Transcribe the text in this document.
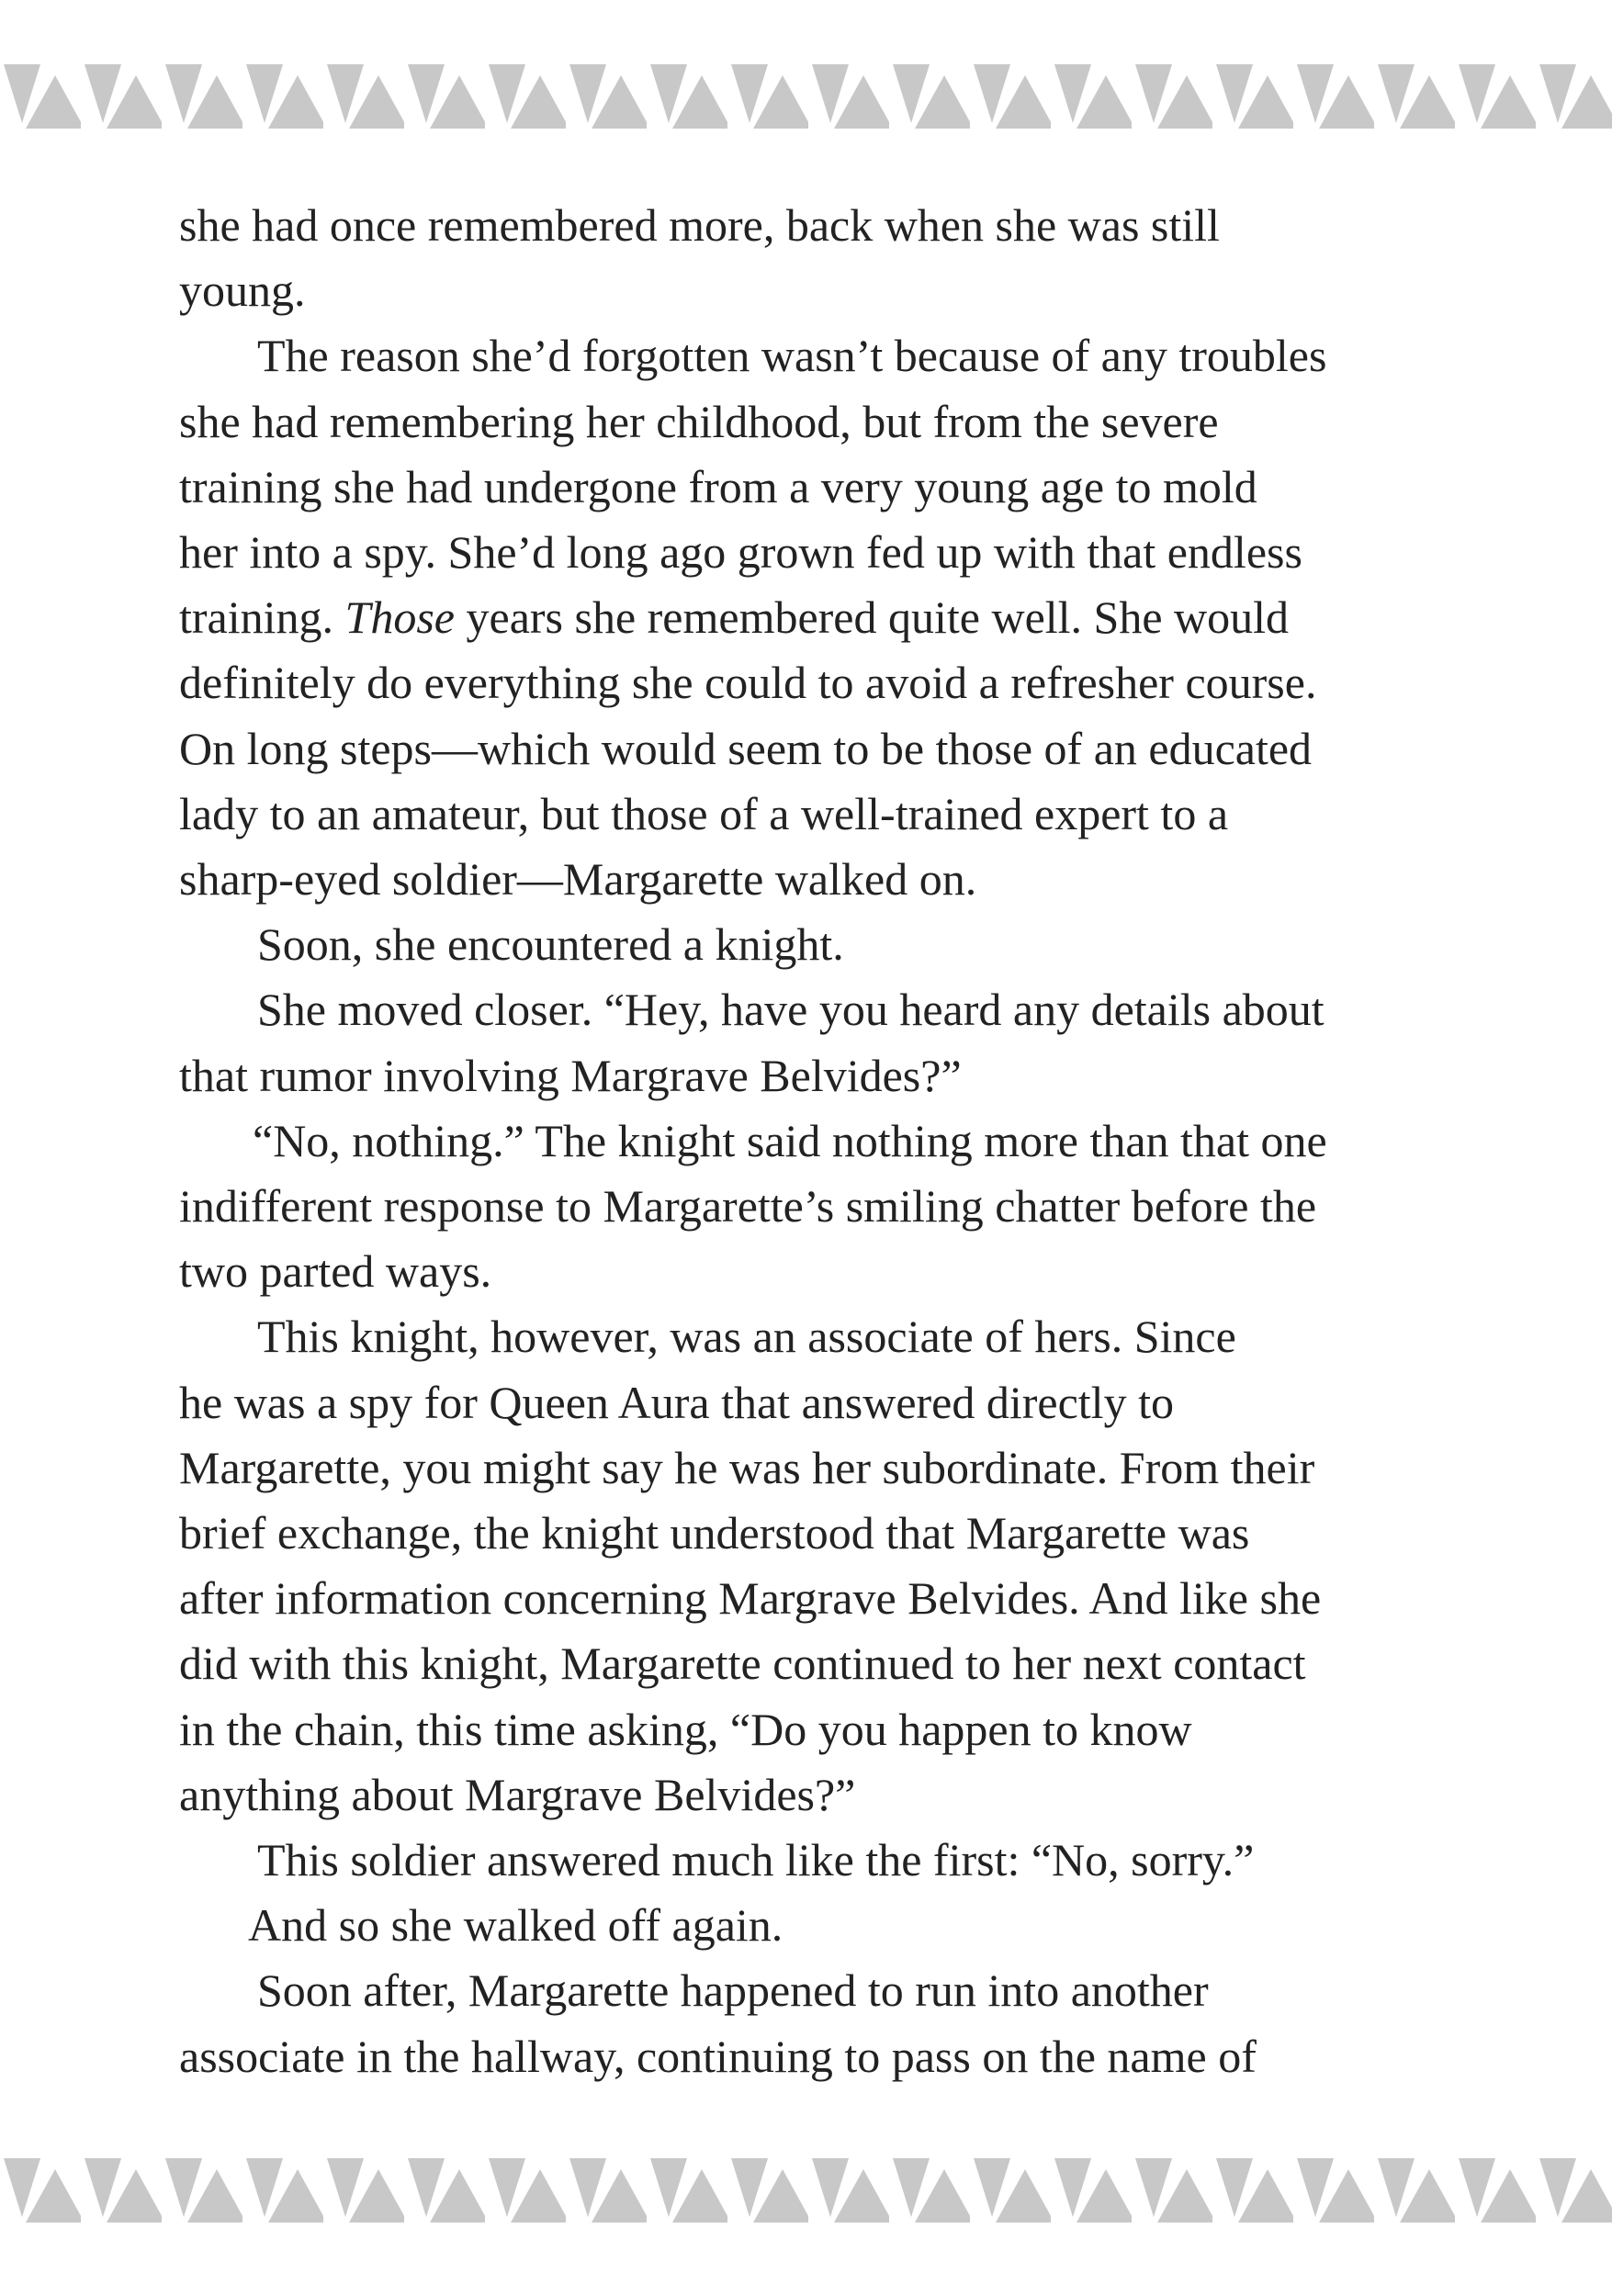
she had once remembered more, back when she was still

young.

The reason she’d forgotten wasn’t because of any troubles

she had remembering her childhood, but from the severe

training she had undergone from a very young age to mold

her into a spy. She’d long ago grown fed up with that endless

training. Those years she remembered quite well. She would

definitely do everything she could to avoid a refresher course.

On long steps—which would seem to be those of an educated

lady to an amateur, but those of a well-trained expert to a

sharp-eyed soldier—Margarette walked on.

Soon, she encountered a knight.

She moved closer. “Hey, have you heard any details about

that rumor involving Margrave Belvides?”

“No, nothing.” The knight said nothing more than that one

indifferent response to Margarette’s smiling chatter before the

two parted ways.

This knight, however, was an associate of hers. Since

he was a spy for Queen Aura that answered directly to

Margarette, you might say he was her subordinate. From their

brief exchange, the knight understood that Margarette was

after information concerning Margrave Belvides. And like she

did with this knight, Margarette continued to her next contact

in the chain, this time asking, “Do you happen to know

anything about Margrave Belvides?”

This soldier answered much like the first: “No, sorry.”

And so she walked off again.

Soon after, Margarette happened to run into another

associate in the hallway, continuing to pass on the name of
